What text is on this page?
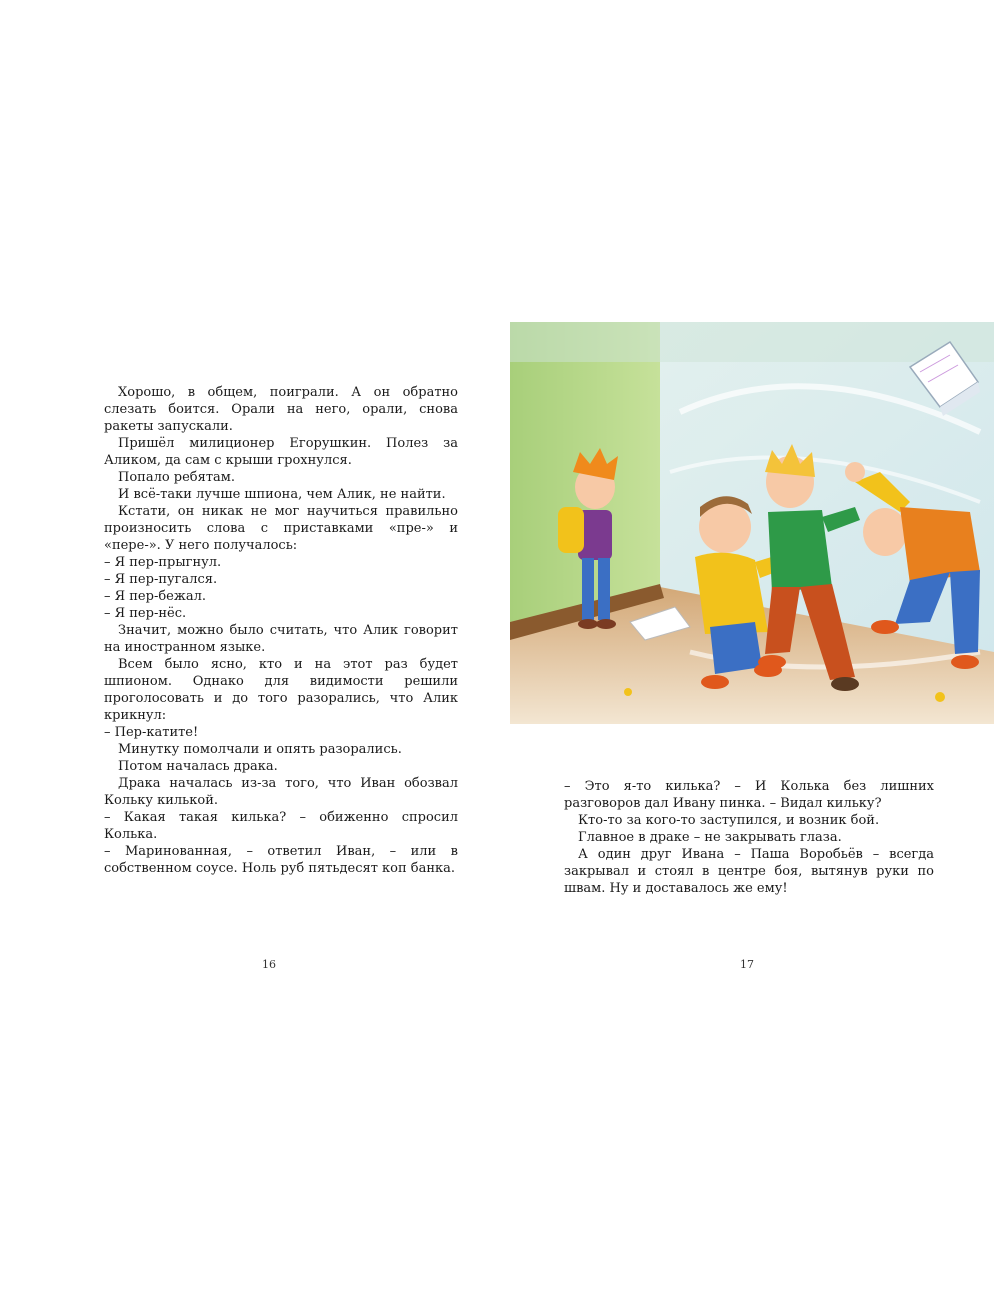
Хорошо, в общем, поиграли. А он обратно слезать боится. Орали на него, орали, снова ракеты запускали.

Пришёл милиционер Егорушкин. Полез за Аликом, да сам с крыши грохнулся.

Попало ребятам.

И всё-таки лучше шпиона, чем Алик, не найти.

Кстати, он никак не мог научиться правильно произносить слова с приставками «пре-» и «пере-». У него получалось:

– Я пер-прыгнул.

– Я пер-пугался.

– Я пер-бежал.

– Я пер-нёс.

Значит, можно было считать, что Алик говорит на иностранном языке.

Всем было ясно, кто и на этот раз будет шпионом. Однако для видимости решили проголосовать и до того разорались, что Алик крикнул:

– Пер-катите!

Минутку помолчали и опять разорались.

Потом началась драка.

Драка началась из-за того, что Иван обозвал Кольку килькой.

– Какая такая килька? – обиженно спросил Колька.

– Маринованная, – ответил Иван, – или в собственном соусе. Ноль руб пятьдесят коп банка.

16	17

– Это я-то килька? – И Колька без лишних разговоров дал Ивану пинка. – Видал кильку?

Кто-то за кого-то заступился, и возник бой.

Главное в драке – не закрывать глаза.

А один друг Ивана – Паша Воробьёв – всегда закрывал и стоял в центре боя, вытянув руки по швам. Ну и доставалось же ему!
